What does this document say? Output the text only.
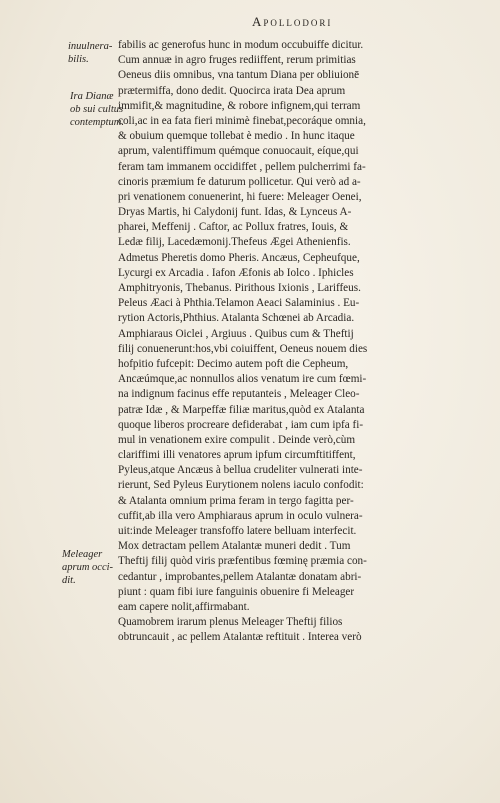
Apollodori
inuulnera-
bilis.
Ira Dianæ
ob sui cultus
contemptum.
Meleager
aprum occi-
dit.
fabilis ac generofus hunc in modum occubuiffe dicitur.
Cum annuæ in agro fruges rediiffent, rerum primitias
Oeneus diis omnibus, vna tantum Diana per obliuionē
prætermiffa, dono dedit. Quocirca irata Dea aprum
immifit,& magnitudine, & robore infignem,qui terram
coli,ac in ea fata fieri minimè finebat,pecoráque omnia,
& obuium quemque tollebat è medio . In hunc itaque
aprum, valentiffimum quémque conuocauit, eíque,qui
feram tam immanem occidiffet , pellem pulcherrimi fa-
cinoris præmium fe daturum pollicetur. Qui verò ad a-
pri venationem conuenerint, hi fuere: Meleager Oenei,
Dryas Martis, hi Calydonij funt. Idas, & Lynceus A-
pharei, Meffenij . Caftor, ac Pollux fratres, Iouis, &
Ledæ filij, Lacedæmonij.Thefeus Ægei Athenienfis.
Admetus Pheretis domo Pheris. Ancæus, Cepheufque,
Lycurgi ex Arcadia . Iafon Æfonis ab Iolco . Iphicles
Amphitryonis, Thebanus. Pirithous Ixionis , Lariffeus.
Peleus Æaci à Phthia.Telamon Aeaci Salaminius . Eu-
rytion Actoris,Phthius. Atalanta Schœnei ab Arcadia.
Amphiaraus Oiclei , Argiuus . Quibus cum & Theftij
filij conuenerunt:hos,vbi coiuiffent, Oeneus nouem dies
hofpitio fufcepit: Decimo autem poft die Cepheum,
Ancæúmque,ac nonnullos alios venatum ire cum fœmi-
na indignum facinus effe reputanteis , Meleager Cleo-
patræ Idæ , & Marpeffæ filiæ maritus,quòd ex Atalanta
quoque liberos procreare defiderabat , iam cum ipfa fi-
mul in venationem exire compulit . Deinde verò,cùm
clariffimi illi venatores aprum ipfum circumftitiffent,
Pyleus,atque Ancæus à bellua crudeliter vulnerati inte-
rierunt, Sed Pyleus Eurytionem nolens iaculo confodit:
& Atalanta omnium prima feram in tergo fagitta per-
cuffit,ab illa vero Amphiaraus aprum in oculo vulnera-
uit:inde Meleager transfoffo latere belluam interfecit.
Mox detractam pellem Atalantæ muneri dedit . Tum
Theftij filij quòd viris præfentibus fœminę præmia con-
cedantur , improbantes,pellem Atalantæ donatam abri-
piunt : quam fibi iure fanguinis obuenire fi Meleager
eam capere nolit,affirmabant.
Quamobrem irarum plenus Meleager Theftij filios
obtruncauit , ac pellem Atalantæ reftituit . Interea verò
